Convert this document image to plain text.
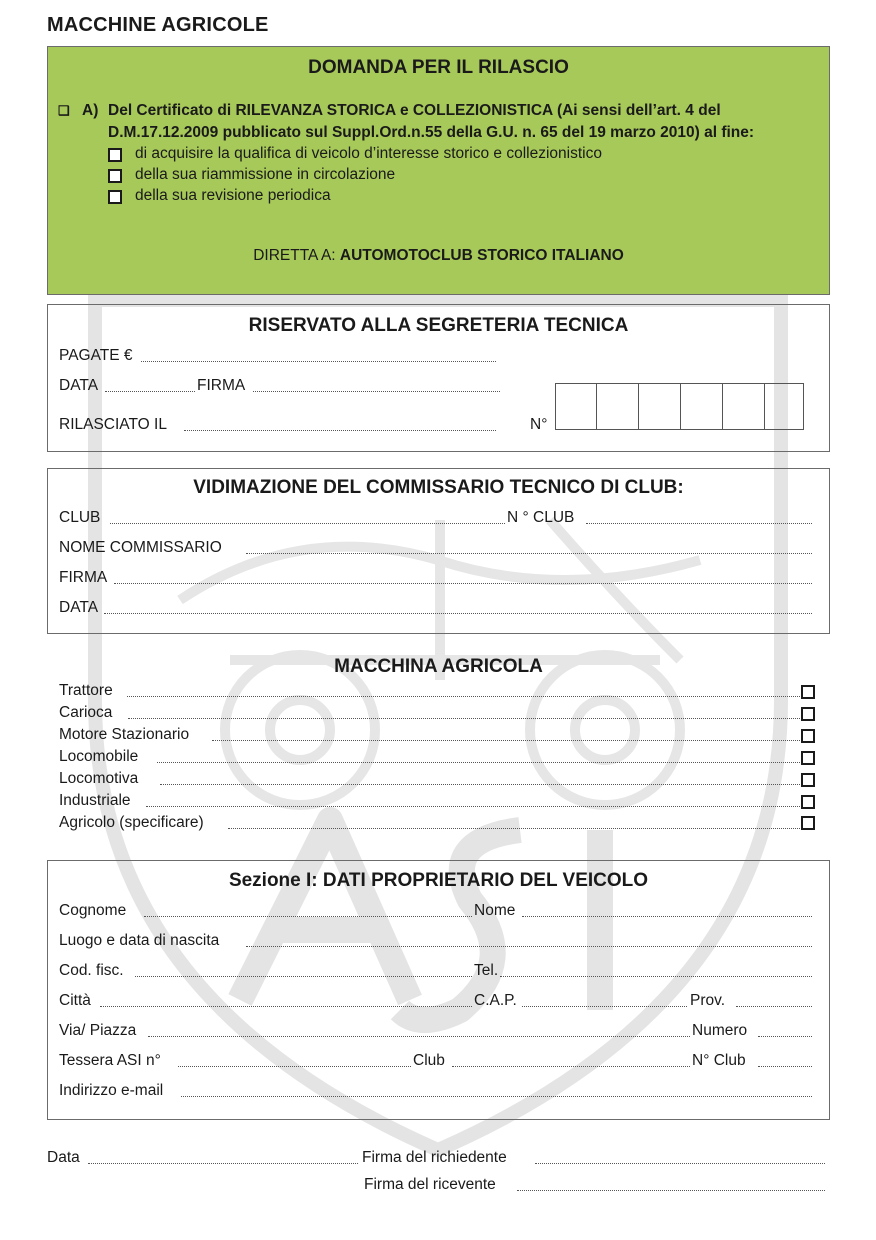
MACCHINE AGRICOLE
DOMANDA PER IL RILASCIO
❑ A) Del Certificato di RILEVANZA STORICA e COLLEZIONISTICA (Ai sensi dell’art. 4 del
D.M.17.12.2009 pubblicato sul Suppl.Ord.n.55 della G.U. n. 65 del 19 marzo 2010) al fine:
di acquisire la qualifica di veicolo d’interesse storico e collezionistico
della sua riammissione in circolazione
della sua revisione periodica
DIRETTA A: AUTOMOTOCLUB STORICO ITALIANO
RISERVATO ALLA SEGRETERIA TECNICA
PAGATE €
DATA	FIRMA
RILASCIATO IL	N°
VIDIMAZIONE DEL COMMISSARIO TECNICO DI CLUB:
CLUB	N ° CLUB
NOME COMMISSARIO
FIRMA
DATA
MACCHINA AGRICOLA
Trattore
Carioca
Motore Stazionario
Locomobile
Locomotiva
Industriale
Agricolo (specificare)
Sezione I: DATI PROPRIETARIO DEL VEICOLO
Cognome	Nome
Luogo e data di nascita
Cod. fisc.	Tel.
Città	C.A.P.	Prov.
Via/ Piazza	Numero
Tessera ASI n°	Club	N° Club
Indirizzo e-mail
Data	Firma del richiedente
Firma del ricevente
